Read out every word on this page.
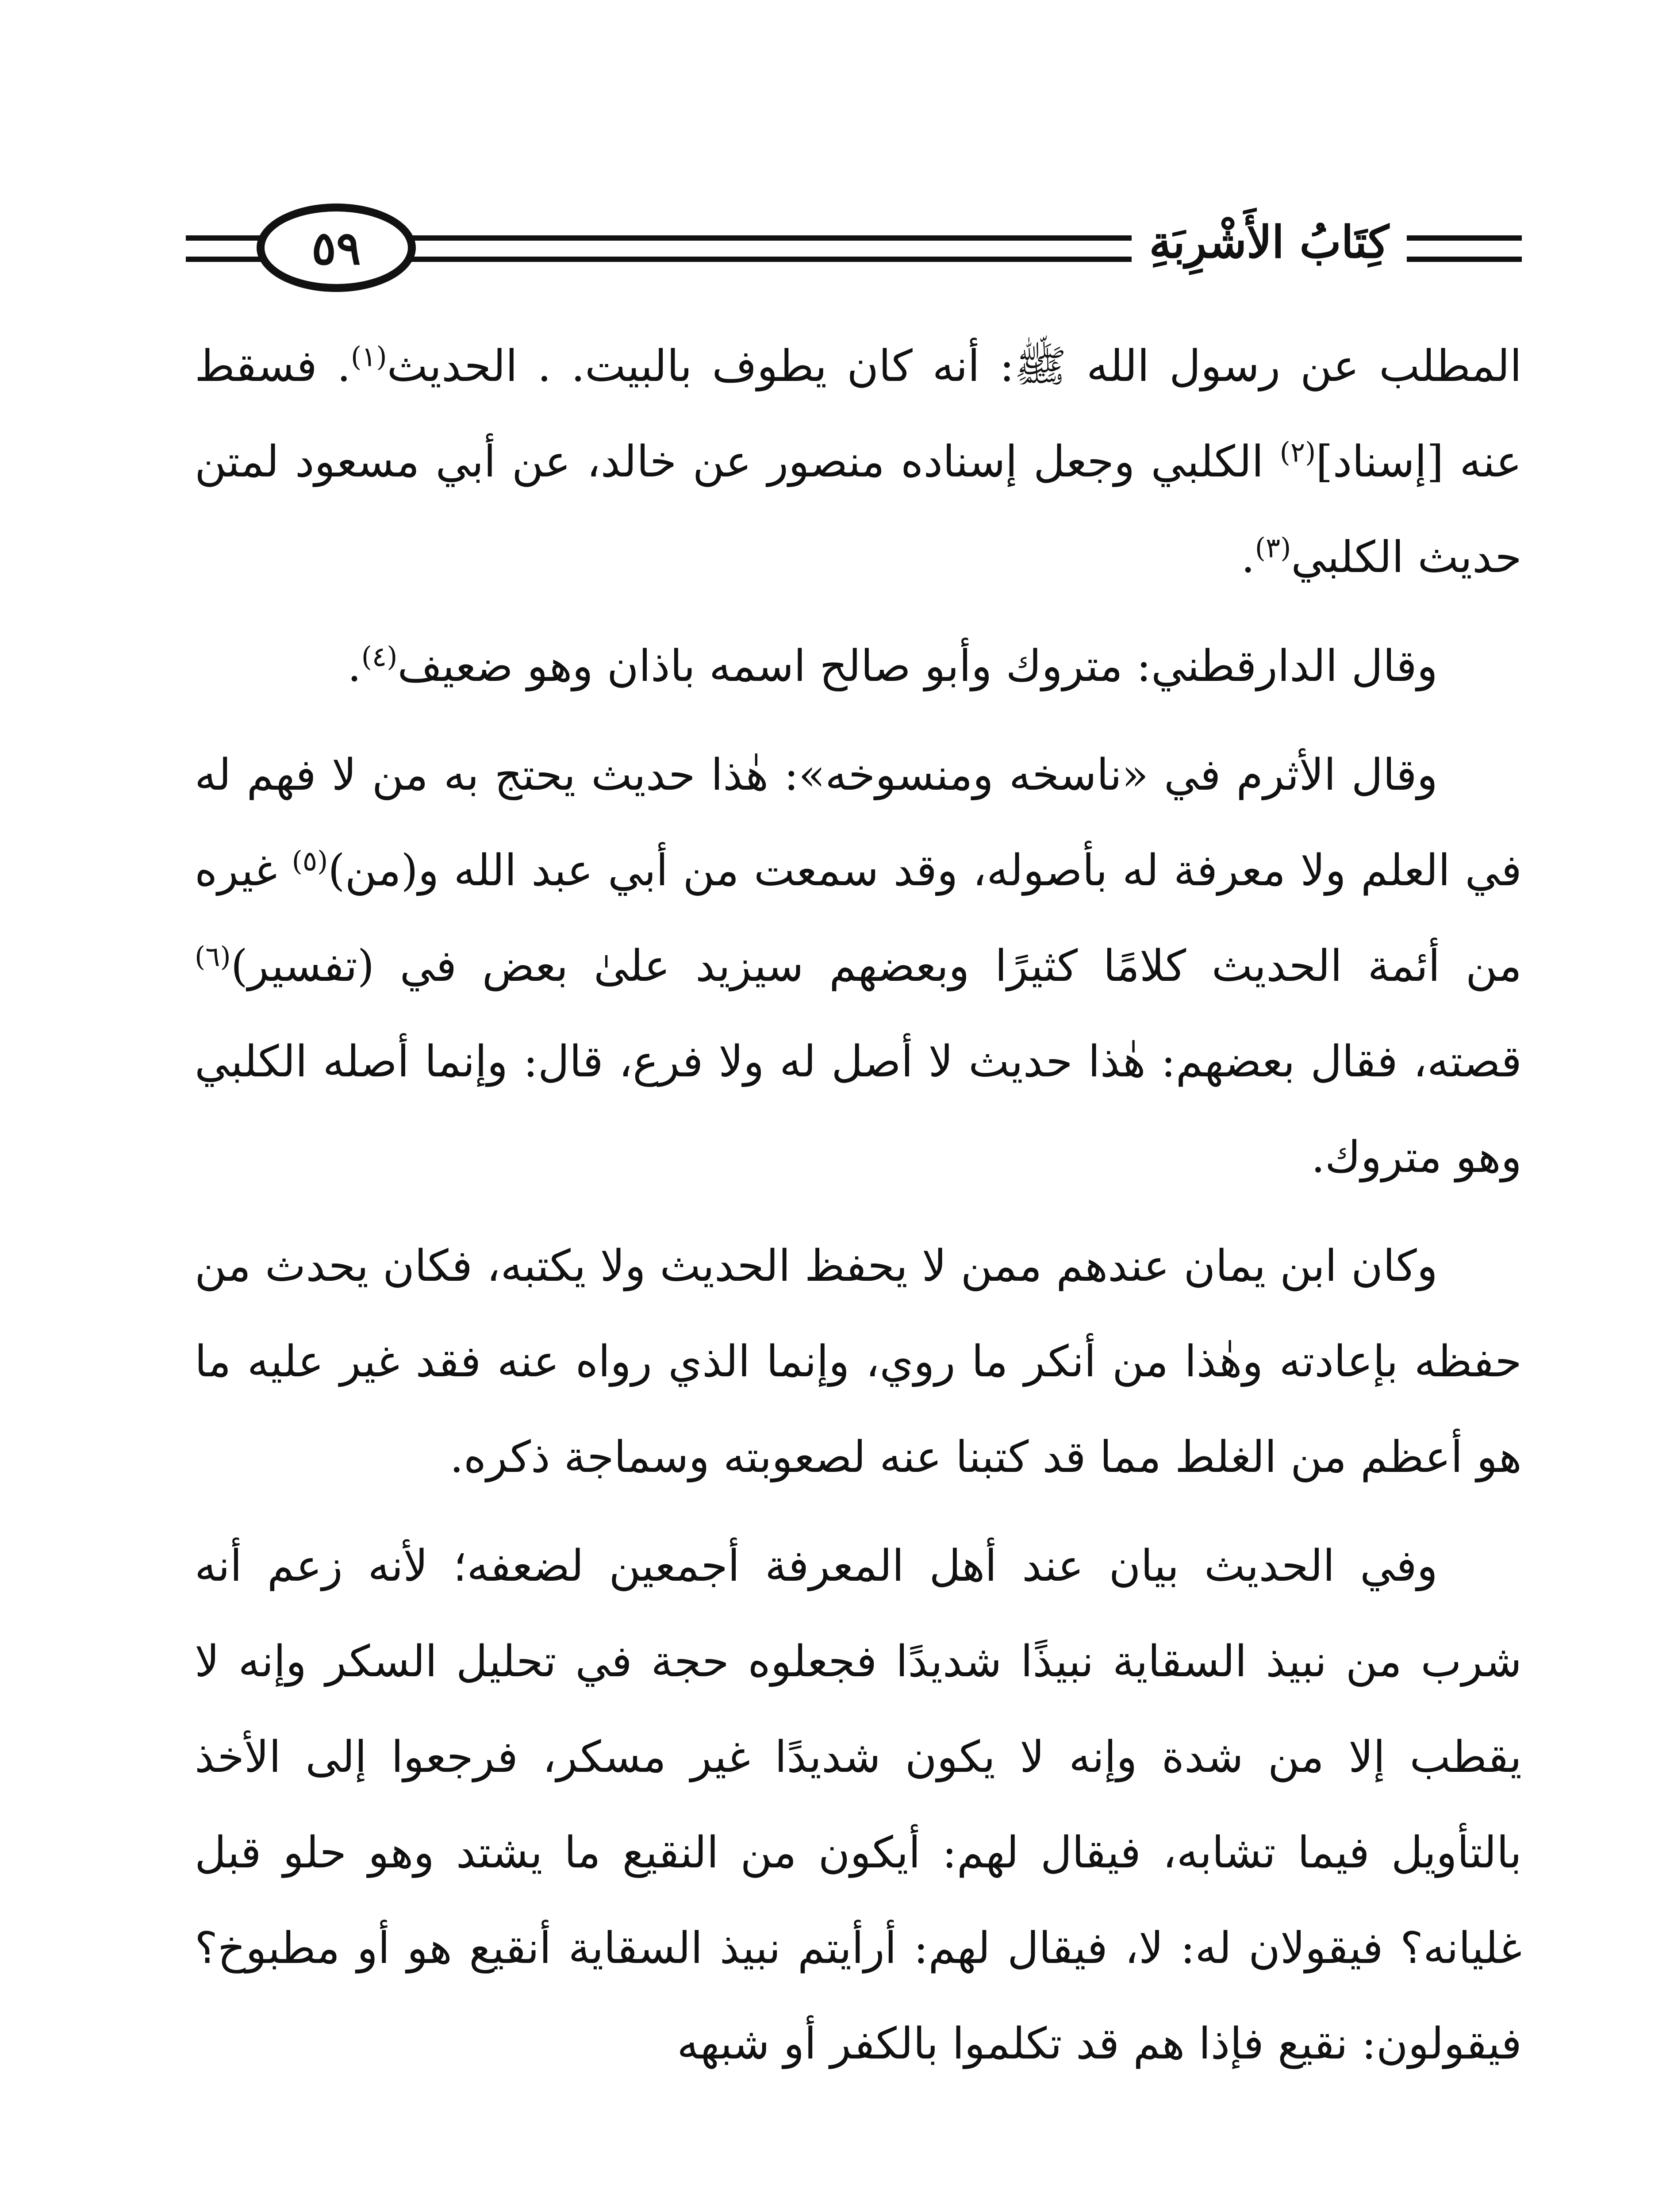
٥٩	كِتَابُ الأَشْرِبَةِ

المطلب عن رسول الله ﷺ: أنه كان يطوف بالبيت. . الحديث$^{(١)}$. فسقط عنه [إسناد]$^{(٢)}$ الكلبي وجعل إسناده منصور عن خالد، عن أبي مسعود لمتن حديث الكلبي$^{(٣)}$.

وقال الدارقطني: متروك وأبو صالح اسمه باذان وهو ضعيف$^{(٤)}$.

وقال الأثرم في «ناسخه ومنسوخه»: هٰذا حديث يحتج به من لا فهم له في العلم ولا معرفة له بأصوله، وقد سمعت من أبي عبد الله و(من)$^{(٥)}$ غيره من أئمة الحديث كلامًا كثيرًا وبعضهم سيزيد علىٰ بعض في (تفسير)$^{(٦)}$ قصته، فقال بعضهم: هٰذا حديث لا أصل له ولا فرع، قال: وإنما أصله الكلبي وهو متروك.

وكان ابن يمان عندهم ممن لا يحفظ الحديث ولا يكتبه، فكان يحدث من حفظه بإعادته وهٰذا من أنكر ما روي، وإنما الذي رواه عنه فقد غير عليه ما هو أعظم من الغلط مما قد كتبنا عنه لصعوبته وسماجة ذكره.

وفي الحديث بيان عند أهل المعرفة أجمعين لضعفه؛ لأنه زعم أنه شرب من نبيذ السقاية نبيذًا شديدًا فجعلوه حجة في تحليل السكر وإنه لا يقطب إلا من شدة وإنه لا يكون شديدًا غير مسكر، فرجعوا إلى الأخذ بالتأويل فيما تشابه، فيقال لهم: أيكون من النقيع ما يشتد وهو حلو قبل غليانه؟ فيقولان له: لا، فيقال لهم: أرأيتم نبيذ السقاية أنقيع هو أو مطبوخ؟ فيقولون: نقيع فإذا هم قد تكلموا بالكفر أو شبهه
